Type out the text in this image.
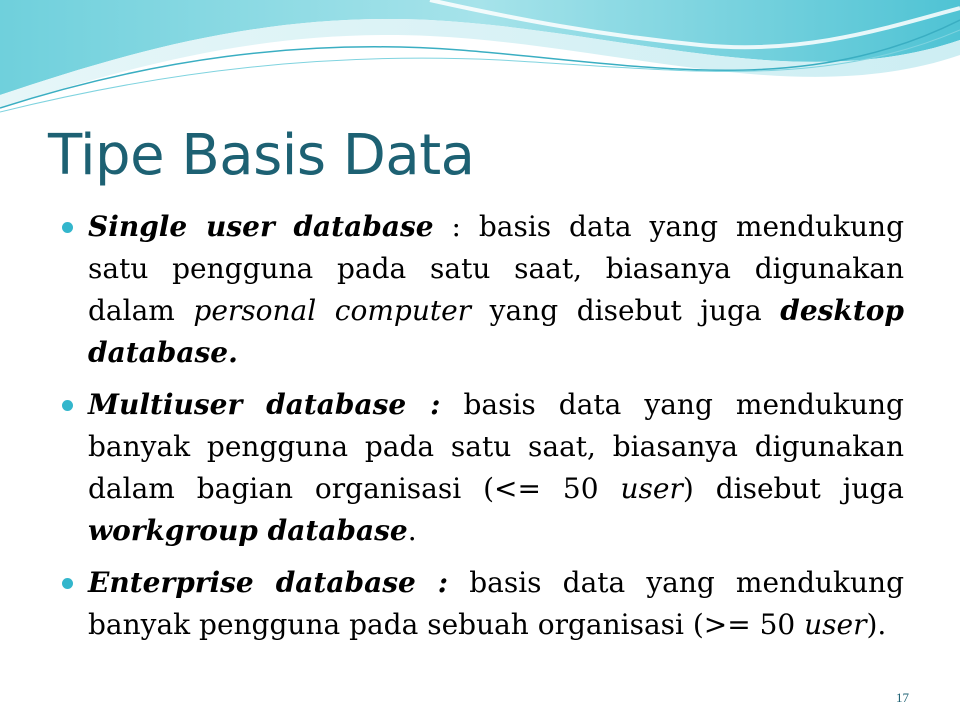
Tipe Basis Data
Single user database : basis data yang mendukung satu pengguna pada satu saat, biasanya digunakan dalam personal computer yang disebut juga desktop database.
Multiuser database : basis data yang mendukung banyak pengguna pada satu saat, biasanya digunakan dalam bagian organisasi (<= 50 user) disebut juga workgroup database.
Enterprise database : basis data yang mendukung banyak pengguna pada sebuah organisasi (>= 50 user).
17
